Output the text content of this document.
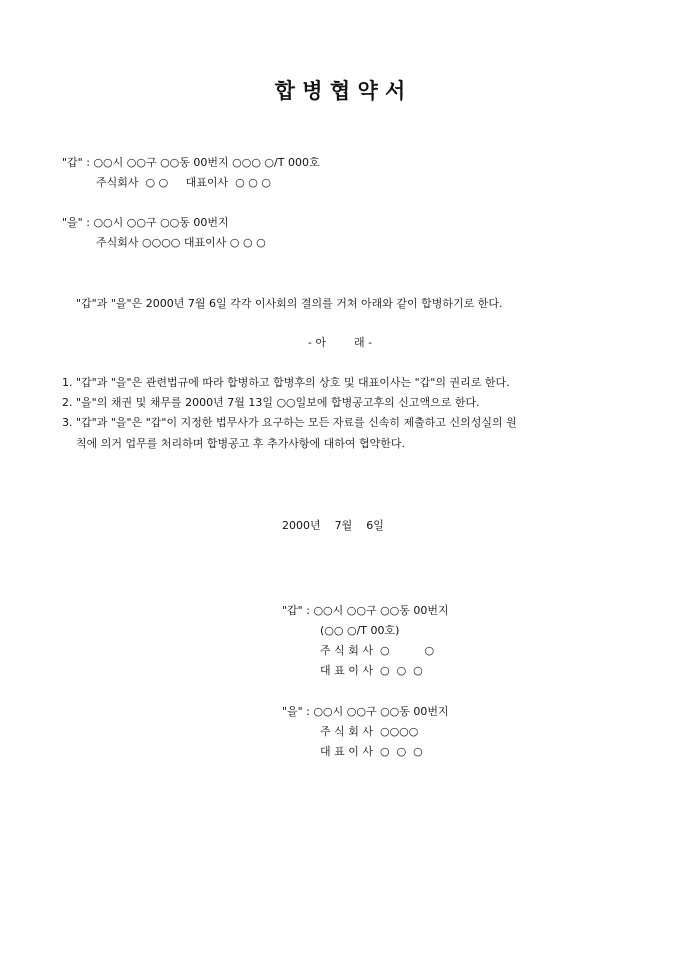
합 병 협 약 서
"갑" : ○○시 ○○구 ○○동 00번지 ○○○ ○/T 000호
주식회사  ○ ○     대표이사  ○ ○ ○
"을" : ○○시 ○○구 ○○동 00번지
주식회사 ○○○○ 대표이사 ○ ○ ○
"갑"과 "을"은 2000년 7월 6일 각각 이사회의 결의를 거쳐 아래와 같이 합병하기로 한다.
- 아        래 -
1. "갑"과 "을"은 관련법규에 따라 합병하고 합병후의 상호 및 대표이사는 "갑"의 권리로 한다.
2. "을"의 채권 및 채무를 2000년 7월 13일 ○○일보에 합병공고후의 신고액으로 한다.
3. "갑"과 "을"은 "갑"이 지정한 법무사가 요구하는 모든 자료를 신속히 제출하고 신의성실의 원
칙에 의거 업무를 처리하며 합병공고 후 추가사항에 대하여 협약한다.
2000년    7월    6일
"갑" : ○○시 ○○구 ○○동 00번지
(○○ ○/T 00호)
주 식 회 사  ○          ○
대 표 이 사  ○  ○  ○
"을" : ○○시 ○○구 ○○동 00번지
주 식 회 사  ○○○○
대 표 이 사  ○  ○  ○
